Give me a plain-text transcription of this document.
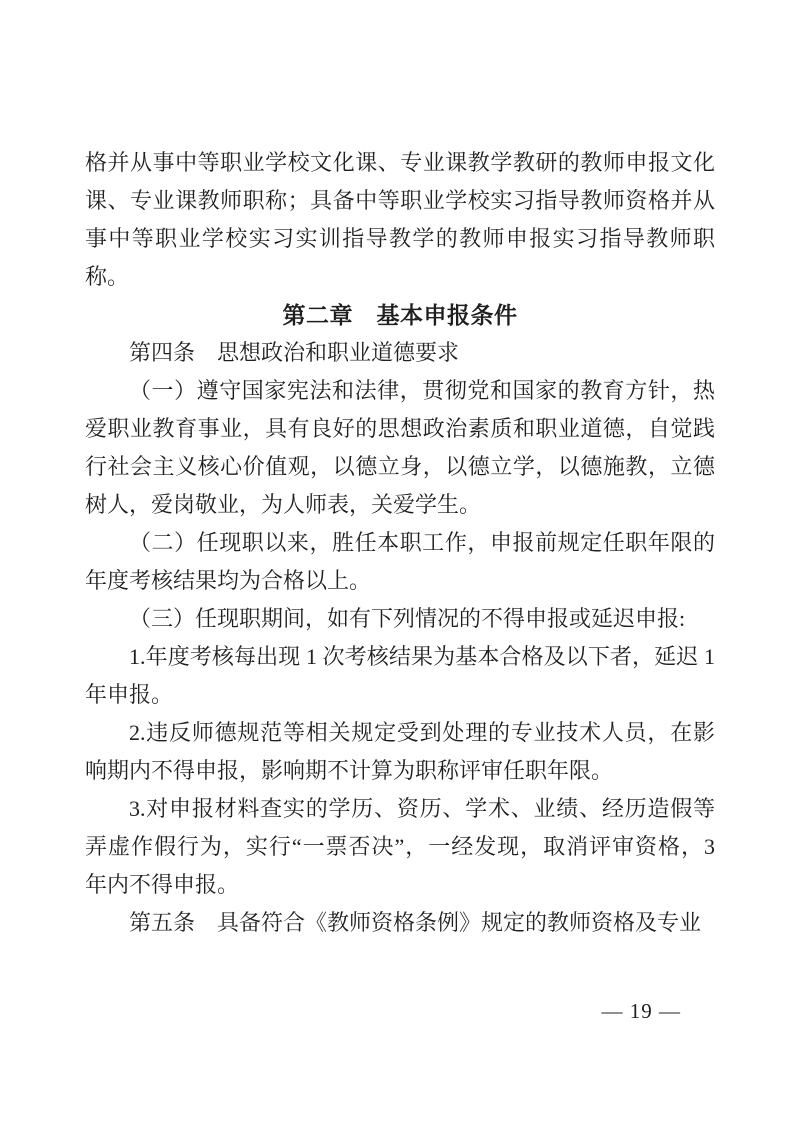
格并从事中等职业学校文化课、专业课教学教研的教师申报文化课、专业课教师职称；具备中等职业学校实习指导教师资格并从事中等职业学校实习实训指导教学的教师申报实习指导教师职称。

第二章　基本申报条件

第四条 思想政治和职业道德要求

（一）遵守国家宪法和法律，贯彻党和国家的教育方针，热爱职业教育事业，具有良好的思想政治素质和职业道德，自觉践行社会主义核心价值观，以德立身，以德立学，以德施教，立德树人，爱岗敬业，为人师表，关爱学生。

（二）任现职以来，胜任本职工作，申报前规定任职年限的年度考核结果均为合格以上。

（三）任现职期间，如有下列情况的不得申报或延迟申报:

1.年度考核每出现 1 次考核结果为基本合格及以下者，延迟 1 年申报。

2.违反师德规范等相关规定受到处理的专业技术人员，在影响期内不得申报，影响期不计算为职称评审任职年限。

3.对申报材料查实的学历、资历、学术、业绩、经历造假等弄虚作假行为，实行“一票否决”，一经发现，取消评审资格，3 年内不得申报。

第五条 具备符合《教师资格条例》规定的教师资格及专业

— 19 —
